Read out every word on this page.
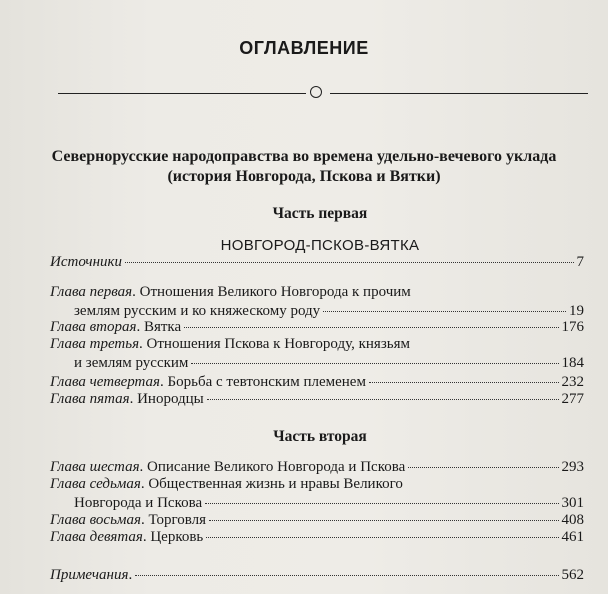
ОГЛАВЛЕНИЕ
Севернорусские народоправства во времена удельно-вечевого уклада
(история Новгорода, Пскова и Вятки)
Часть первая
НОВГОРОД-ПСКОВ-ВЯТКА
Источники	7
Глава первая. Отношения Великого Новгорода к прочим
землям русским и ко княжескому роду	19
Глава вторая. Вятка	176
Глава третья. Отношения Пскова к Новгороду, князьям
и землям русским	184
Глава четвертая. Борьба с тевтонским племенем	232
Глава пятая. Инородцы	277
Часть вторая
Глава шестая. Описание Великого Новгорода и Пскова	293
Глава седьмая. Общественная жизнь и нравы Великого
Новгорода и Пскова	301
Глава восьмая. Торговля	408
Глава девятая. Церковь	461
Примечания.	562
